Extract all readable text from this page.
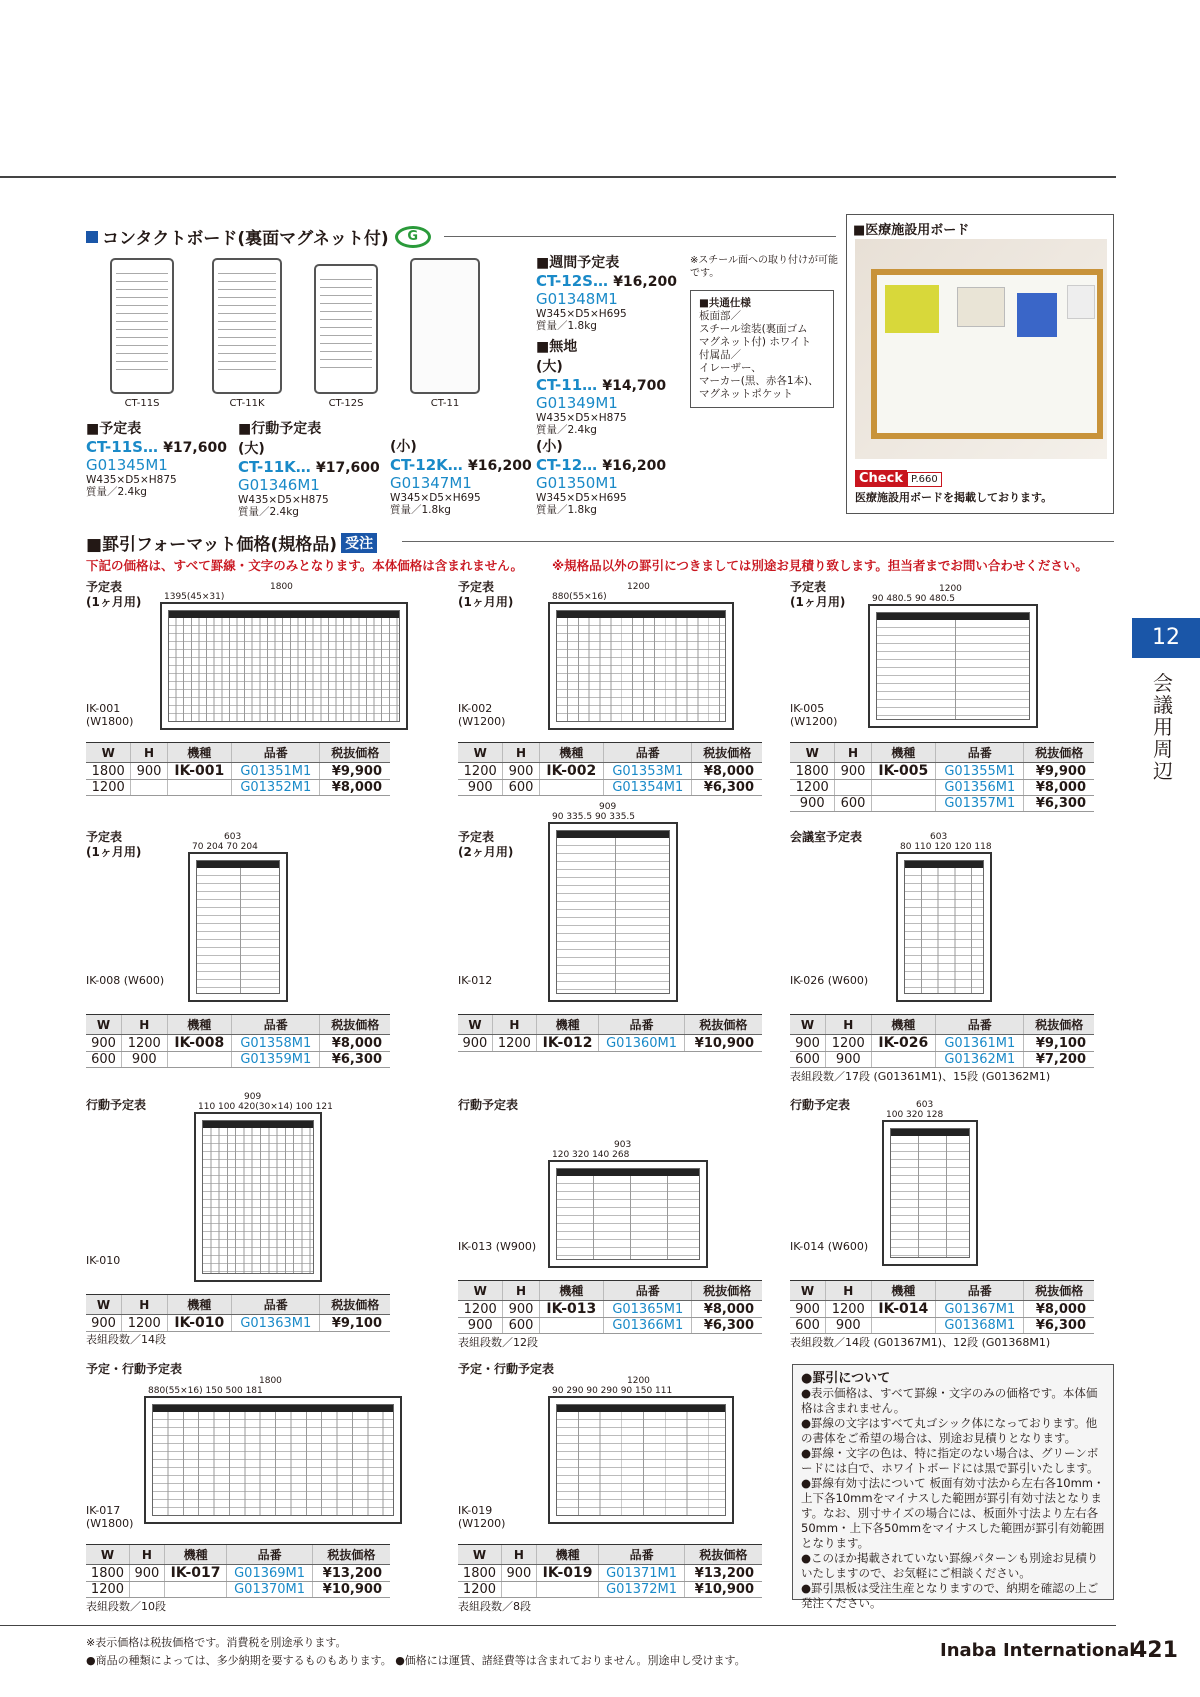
コンタクトボード(裏面マグネット付)	G
CT-11S	CT-11K	CT-12S	CT-11
■予定表
CT-11S… ¥17,600
G01345M1
W435×D5×H875
質量／2.4kg
■行動予定表
(大)
CT-11K… ¥17,600
G01346M1
W435×D5×H875
質量／2.4kg
(小)
CT-12K… ¥16,200
G01347M1
W345×D5×H695
質量／1.8kg
■週間予定表
CT-12S… ¥16,200
G01348M1
W345×D5×H695
質量／1.8kg
■無地
(大)
CT-11… ¥14,700
G01349M1
W435×D5×H875
質量／2.4kg
(小)
CT-12… ¥16,200
G01350M1
W345×D5×H695
質量／1.8kg
※スチール面への取り付けが可能です。
■共通仕様
板面部／
スチール塗装(裏面ゴム
マグネット付) ホワイト
付属品／
イレーザー、
マーカー(黒、赤各1本)、
マグネットポケット
■医療施設用ボード
Check P.660
医療施設用ボードを掲載しております。
■罫引フォーマット価格(規格品) 受注
下記の価格は、すべて罫線・文字のみとなります。本体価格は含まれません。 ※規格品以外の罫引につきましては別途お見積り致します。担当者までお問い合わせください。
予定表
(1ヶ月用)
1800
1395(45×31)
IK-001
(W1800)
W	H	機種	品番	税抜価格
1800	900	IK-001	G01351M1	¥9,900
1200			G01352M1	¥8,000
予定表
(1ヶ月用)
1200
880(55×16)
IK-002
(W1200)
W	H	機種	品番	税抜価格
1200	900	IK-002	G01353M1	¥8,000
900	600		G01354M1	¥6,300
予定表
(1ヶ月用)
1200
90 480.5 90 480.5
IK-005
(W1200)
W	H	機種	品番	税抜価格
1800	900	IK-005	G01355M1	¥9,900
1200			G01356M1	¥8,000
900	600		G01357M1	¥6,300
予定表
(1ヶ月用)
603
70 204 70 204
IK-008 (W600)
W	H	機種	品番	税抜価格
900	1200	IK-008	G01358M1	¥8,000
600	900		G01359M1	¥6,300
予定表
(2ヶ月用)
909
90 335.5 90 335.5
IK-012
W	H	機種	品番	税抜価格
900	1200	IK-012	G01360M1	¥10,900
会議室予定表	603
80 110 120 120 118
IK-026 (W600)
W	H	機種	品番	税抜価格
900	1200	IK-026	G01361M1	¥9,100
600	900		G01362M1	¥7,200
表組段数／17段 (G01361M1)、15段 (G01362M1)
行動予定表
909
110 100 420(30×14) 100 121
IK-010
W	H	機種	品番	税抜価格
900	1200	IK-010	G01363M1	¥9,100
表組段数／14段
行動予定表
903
120 320 140 268
IK-013 (W900)
W	H	機種	品番	税抜価格
1200	900	IK-013	G01365M1	¥8,000
900	600		G01366M1	¥6,300
表組段数／12段
行動予定表	603
100 320 128
IK-014 (W600)
W	H	機種	品番	税抜価格
900	1200	IK-014	G01367M1	¥8,000
600	900		G01368M1	¥6,300
表組段数／14段 (G01367M1)、12段 (G01368M1)
予定・行動予定表
1800
880(55×16) 150 500 181
IK-017
(W1800)
W	H	機種	品番	税抜価格
1800	900	IK-017	G01369M1	¥13,200
1200			G01370M1	¥10,900
表組段数／10段
予定・行動予定表
1200
90 290 90 290 90 150 111
IK-019
(W1200)
W	H	機種	品番	税抜価格
1800	900	IK-019	G01371M1	¥13,200
1200			G01372M1	¥10,900
表組段数／8段
●罫引について
●表示価格は、すべて罫線・文字のみの価格です。本体価格は含まれません。
●罫線の文字はすべて丸ゴシック体になっております。他の書体をご希望の場合は、別途お見積りとなります。
●罫線・文字の色は、特に指定のない場合は、グリーンボードには白で、ホワイトボードには黒で罫引いたします。
●罫線有効寸法について 板面有効寸法から左右各10mm・上下各10mmをマイナスした範囲が罫引有効寸法となります。なお、別寸サイズの場合には、板面外寸法より左右各50mm・上下各50mmをマイナスした範囲が罫引有効範囲となります。
●このほか掲載されていない罫線パターンも別途お見積りいたしますので、お気軽にご相談ください。
●罫引黒板は受注生産となりますので、納期を確認の上ご発注ください。
12
会議用周辺
※表示価格は税抜価格です。消費税を別途承ります。
●商品の種類によっては、多少納期を要するものもあります。 ●価格には運賃、諸経費等は含まれておりません。別途申し受けます。	Inaba International
421
